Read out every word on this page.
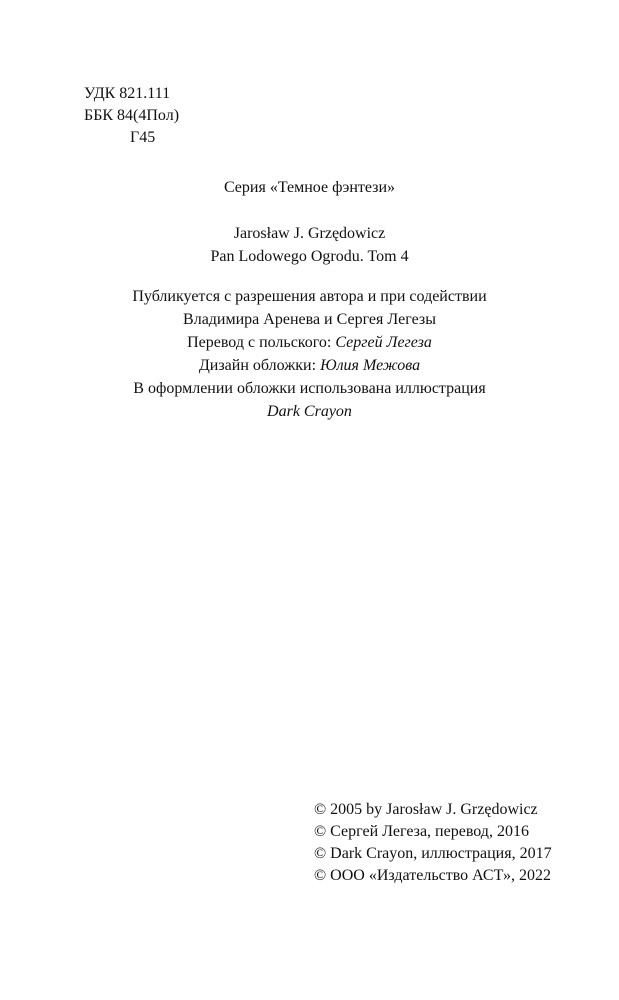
УДК 821.111
ББК 84(4Пол)
Г45
Серия «Темное фэнтези»
Jarosław J. Grzędowicz
Pan Lodowego Ogrodu. Tom 4
Публикуется с разрешения автора и при содействии
Владимира Аренева и Сергея Легезы
Перевод с польского: Сергей Легеза
Дизайн обложки: Юлия Межова
В оформлении обложки использована иллюстрация
Dark Crayon
© 2005 by Jarosław J. Grzędowicz
© Сергей Легеза, перевод, 2016
© Dark Crayon, иллюстрация, 2017
© ООО «Издательство АСТ», 2022
